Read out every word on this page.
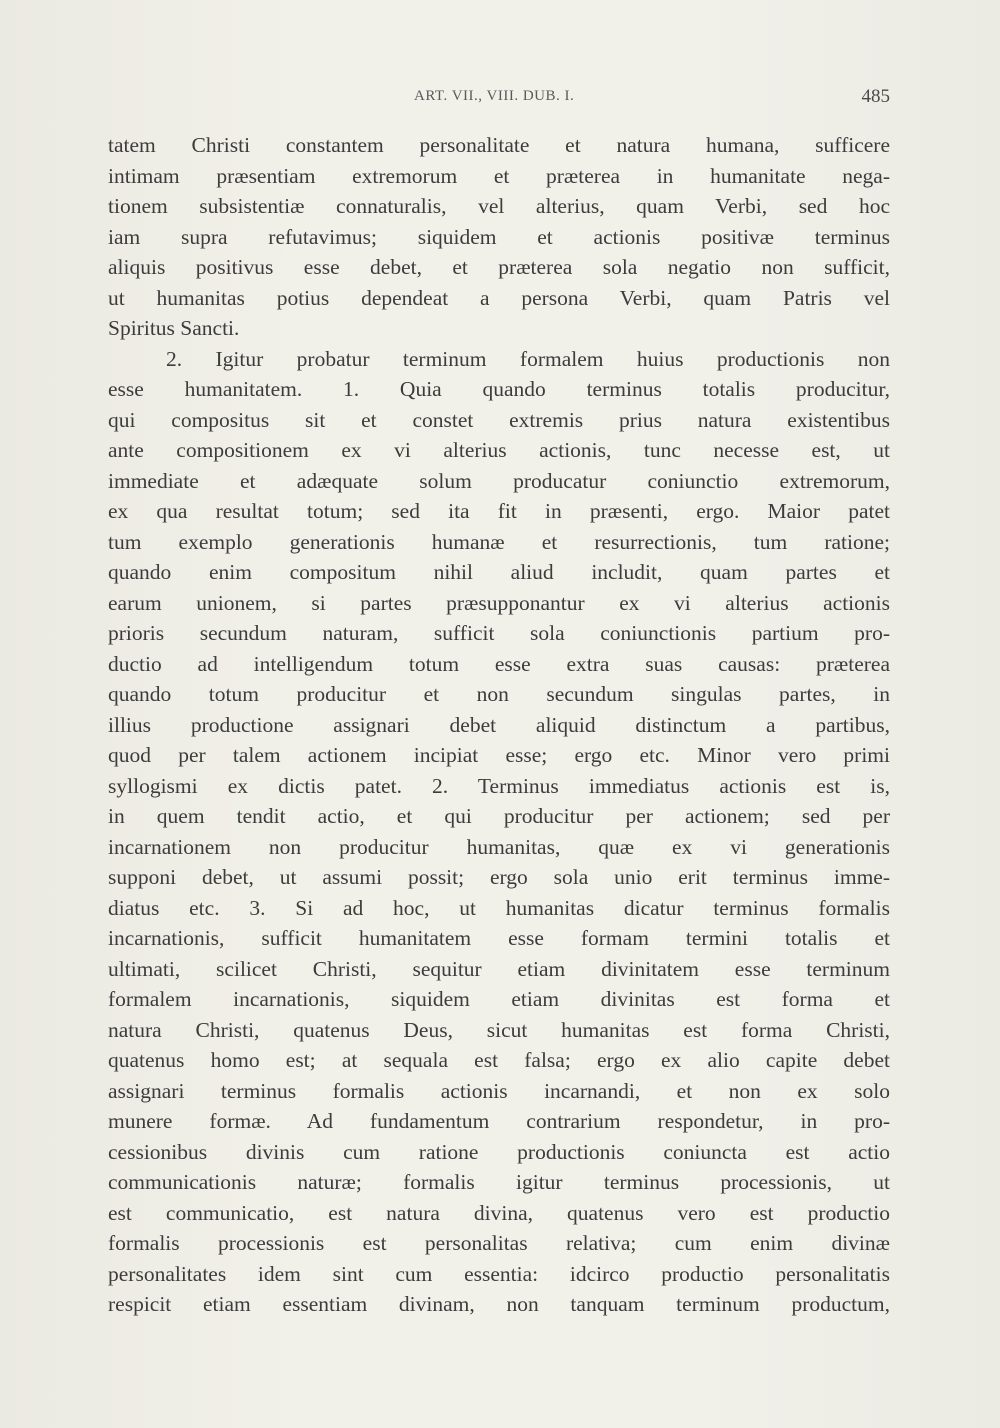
ART. VII., VIII. DUB. I.	485
tatem Christi constantem personalitate et natura humana, sufficere
intimam præsentiam extremorum et præterea in humanitate nega-
tionem subsistentiæ connaturalis, vel alterius, quam Verbi, sed hoc
iam supra refutavimus; siquidem et actionis positivæ terminus
aliquis positivus esse debet, et præterea sola negatio non sufficit,
ut humanitas potius dependeat a persona Verbi, quam Patris vel
Spiritus Sancti.
2. Igitur probatur terminum formalem huius productionis non
esse humanitatem. 1. Quia quando terminus totalis producitur,
qui compositus sit et constet extremis prius natura existentibus
ante compositionem ex vi alterius actionis, tunc necesse est, ut
immediate et adæquate solum producatur coniunctio extremorum,
ex qua resultat totum; sed ita fit in præsenti, ergo. Maior patet
tum exemplo generationis humanæ et resurrectionis, tum ratione;
quando enim compositum nihil aliud includit, quam partes et
earum unionem, si partes præsupponantur ex vi alterius actionis
prioris secundum naturam, sufficit sola coniunctionis partium pro-
ductio ad intelligendum totum esse extra suas causas: præterea
quando totum producitur et non secundum singulas partes, in
illius productione assignari debet aliquid distinctum a partibus,
quod per talem actionem incipiat esse; ergo etc. Minor vero primi
syllogismi ex dictis patet. 2. Terminus immediatus actionis est is,
in quem tendit actio, et qui producitur per actionem; sed per
incarnationem non producitur humanitas, quæ ex vi generationis
supponi debet, ut assumi possit; ergo sola unio erit terminus imme-
diatus etc. 3. Si ad hoc, ut humanitas dicatur terminus formalis
incarnationis, sufficit humanitatem esse formam termini totalis et
ultimati, scilicet Christi, sequitur etiam divinitatem esse terminum
formalem incarnationis, siquidem etiam divinitas est forma et
natura Christi, quatenus Deus, sicut humanitas est forma Christi,
quatenus homo est; at sequala est falsa; ergo ex alio capite debet
assignari terminus formalis actionis incarnandi, et non ex solo
munere formæ. Ad fundamentum contrarium respondetur, in pro-
cessionibus divinis cum ratione productionis coniuncta est actio
communicationis naturæ; formalis igitur terminus processionis, ut
est communicatio, est natura divina, quatenus vero est productio
formalis processionis est personalitas relativa; cum enim divinæ
personalitates idem sint cum essentia: idcirco productio personalitatis
respicit etiam essentiam divinam, non tanquam terminum productum,
